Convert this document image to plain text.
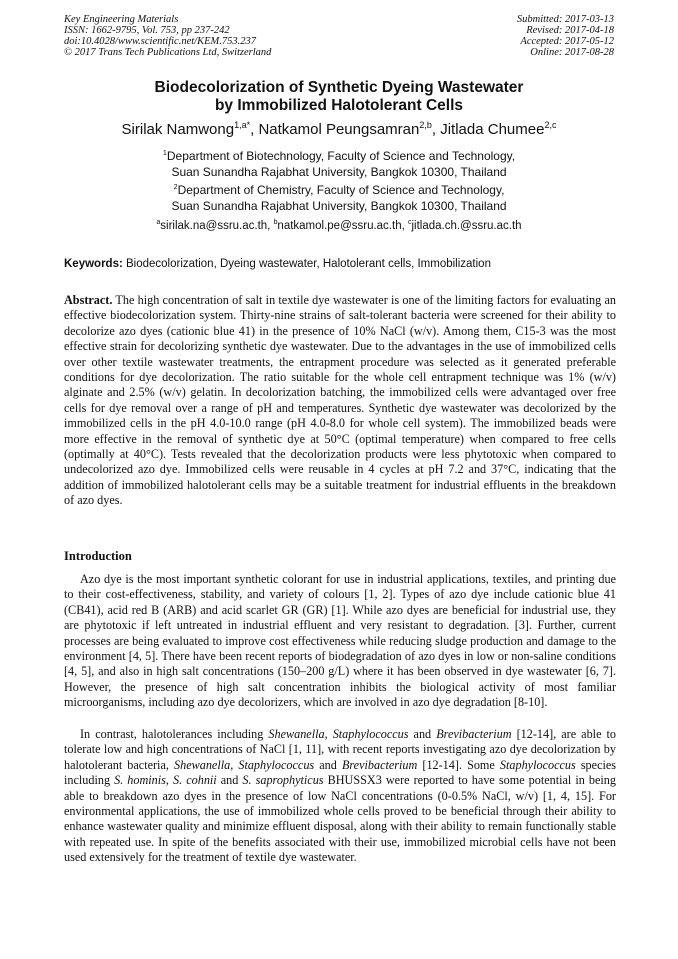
Key Engineering Materials
ISSN: 1662-9795, Vol. 753, pp 237-242
doi:10.4028/www.scientific.net/KEM.753.237
© 2017 Trans Tech Publications Ltd, Switzerland
Submitted: 2017-03-13
Revised: 2017-04-18
Accepted: 2017-05-12
Online: 2017-08-28
Biodecolorization of Synthetic Dyeing Wastewater
by Immobilized Halotolerant Cells
Sirilak Namwong$^{1,a*}$, Natkamol Peungsamran$^{2,b}$, Jitlada Chumee$^{2,c}$
$^1$Department of Biotechnology, Faculty of Science and Technology,
Suan Sunandha Rajabhat University, Bangkok 10300, Thailand
$^2$Department of Chemistry, Faculty of Science and Technology,
Suan Sunandha Rajabhat University, Bangkok 10300, Thailand
$^a$sirilak.na@ssru.ac.th, $^b$natkamol.pe@ssru.ac.th, $^c$jitlada.ch.@ssru.ac.th
Keywords: Biodecolorization, Dyeing wastewater, Halotolerant cells, Immobilization
Abstract. The high concentration of salt in textile dye wastewater is one of the limiting factors for evaluating an effective biodecolorization system. Thirty-nine strains of salt-tolerant bacteria were screened for their ability to decolorize azo dyes (cationic blue 41) in the presence of 10% NaCl (w/v). Among them, C15-3 was the most effective strain for decolorizing synthetic dye wastewater. Due to the advantages in the use of immobilized cells over other textile wastewater treatments, the entrapment procedure was selected as it generated preferable conditions for dye decolorization. The ratio suitable for the whole cell entrapment technique was 1% (w/v) alginate and 2.5% (w/v) gelatin. In decolorization batching, the immobilized cells were advantaged over free cells for dye removal over a range of pH and temperatures. Synthetic dye wastewater was decolorized by the immobilized cells in the pH 4.0-10.0 range (pH 4.0-8.0 for whole cell system). The immobilized beads were more effective in the removal of synthetic dye at 50°C (optimal temperature) when compared to free cells (optimally at 40°C). Tests revealed that the decolorization products were less phytotoxic when compared to undecolorized azo dye. Immobilized cells were reusable in 4 cycles at pH 7.2 and 37°C, indicating that the addition of immobilized halotolerant cells may be a suitable treatment for industrial effluents in the breakdown of azo dyes.
Introduction
Azo dye is the most important synthetic colorant for use in industrial applications, textiles, and printing due to their cost-effectiveness, stability, and variety of colours [1, 2]. Types of azo dye include cationic blue 41 (CB41), acid red B (ARB) and acid scarlet GR (GR) [1]. While azo dyes are beneficial for industrial use, they are phytotoxic if left untreated in industrial effluent and very resistant to degradation. [3]. Further, current processes are being evaluated to improve cost effectiveness while reducing sludge production and damage to the environment [4, 5]. There have been recent reports of biodegradation of azo dyes in low or non-saline conditions [4, 5], and also in high salt concentrations (150–200 g/L) where it has been observed in dye wastewater [6, 7]. However, the presence of high salt concentration inhibits the biological activity of most familiar microorganisms, including azo dye decolorizers, which are involved in azo dye degradation [8-10].
In contrast, halotolerances including Shewanella, Staphylococcus and Brevibacterium [12-14], are able to tolerate low and high concentrations of NaCl [1, 11], with recent reports investigating azo dye decolorization by halotolerant bacteria, Shewanella, Staphylococcus and Brevibacterium [12-14]. Some Staphylococcus species including S. hominis, S. cohnii and S. saprophyticus BHUSSX3 were reported to have some potential in being able to breakdown azo dyes in the presence of low NaCl concentrations (0-0.5% NaCl, w/v) [1, 4, 15]. For environmental applications, the use of immobilized whole cells proved to be beneficial through their ability to enhance wastewater quality and minimize effluent disposal, along with their ability to remain functionally stable with repeated use. In spite of the benefits associated with their use, immobilized microbial cells have not been used extensively for the treatment of textile dye wastewater.
